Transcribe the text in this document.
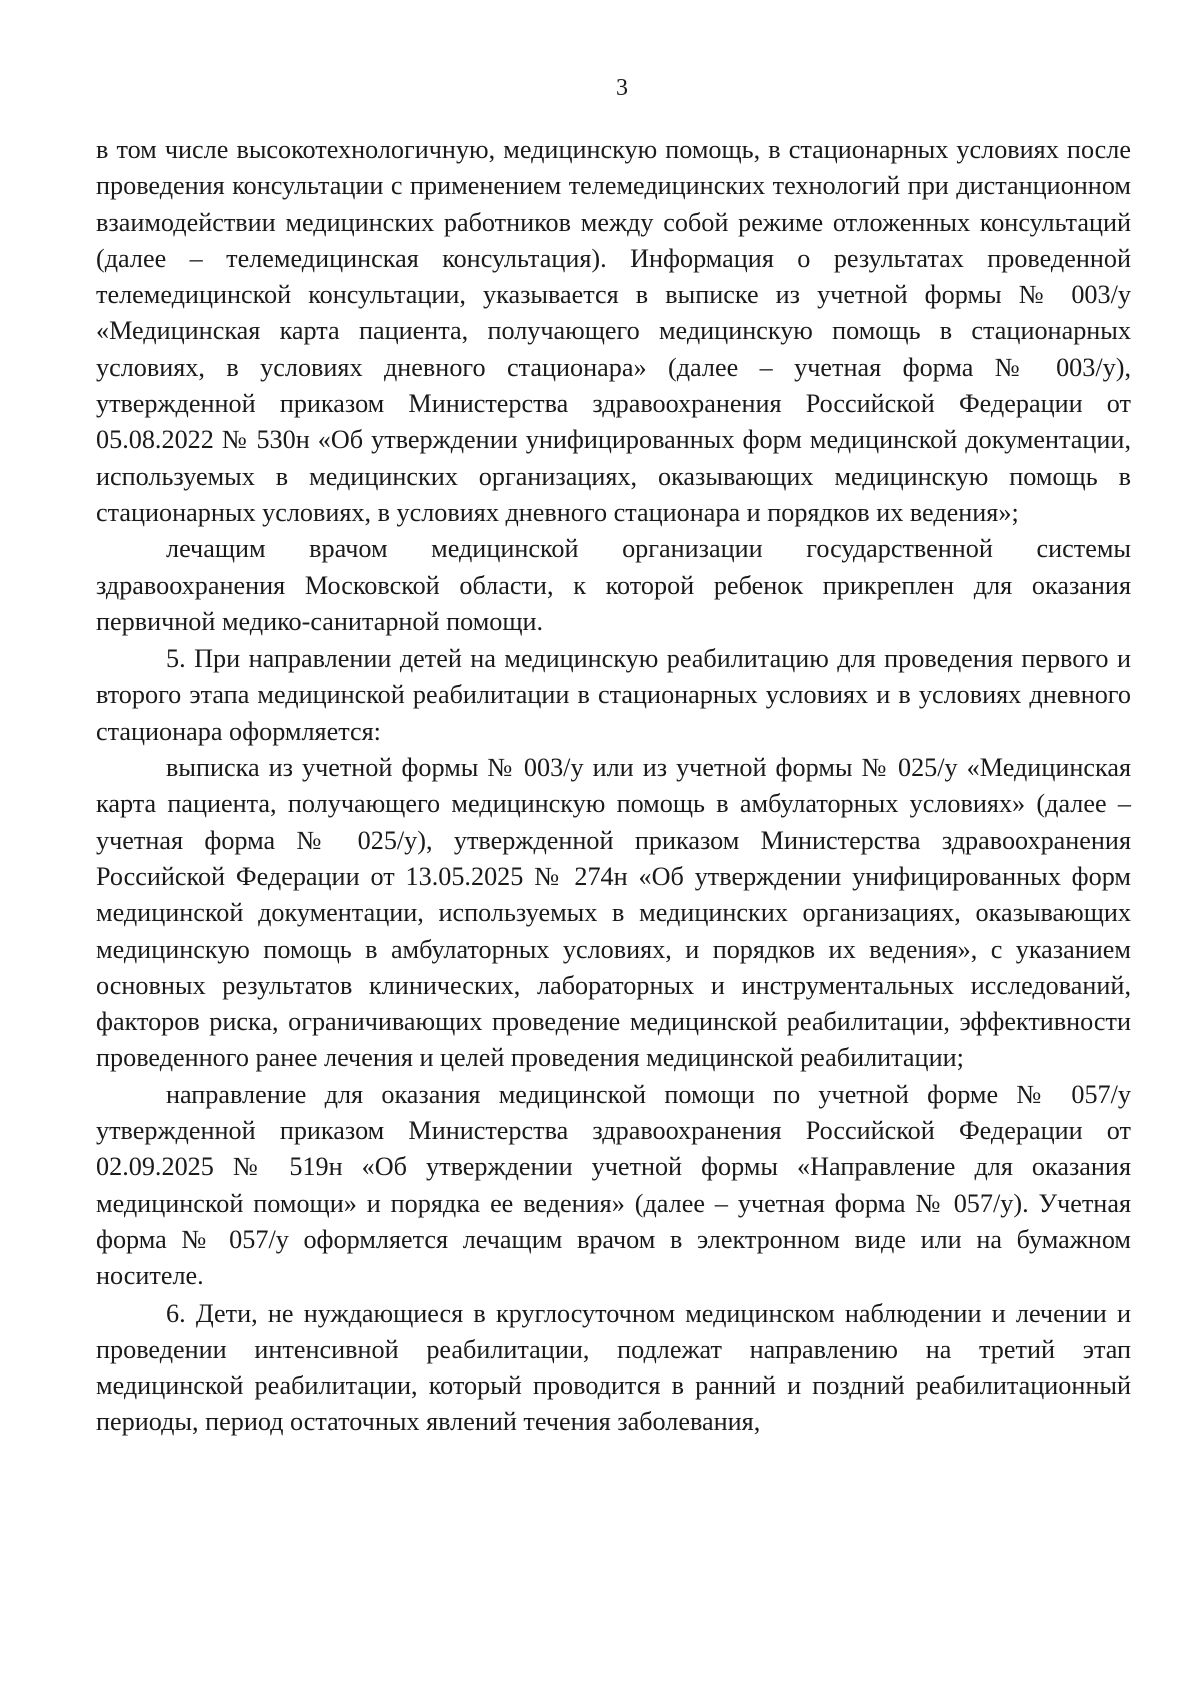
3

в том числе высокотехнологичную, медицинскую помощь, в стационарных условиях после проведения консультации с применением телемедицинских технологий при дистанционном взаимодействии медицинских работников между собой режиме отложенных консультаций (далее – телемедицинская консультация). Информация о результатах проведенной телемедицинской консультации, указывается в выписке из учетной формы № 003/у «Медицинская карта пациента, получающего медицинскую помощь в стационарных условиях, в условиях дневного стационара» (далее – учетная форма № 003/у), утвержденной приказом Министерства здравоохранения Российской Федерации от 05.08.2022 № 530н «Об утверждении унифицированных форм медицинской документации, используемых в медицинских организациях, оказывающих медицинскую помощь в стационарных условиях, в условиях дневного стационара и порядков их ведения»;

лечащим врачом медицинской организации государственной системы здравоохранения Московской области, к которой ребенок прикреплен для оказания первичной медико-санитарной помощи.

5. При направлении детей на медицинскую реабилитацию для проведения первого и второго этапа медицинской реабилитации в стационарных условиях и в условиях дневного стационара оформляется:

выписка из учетной формы № 003/у или из учетной формы № 025/у «Медицинская карта пациента, получающего медицинскую помощь в амбулаторных условиях» (далее – учетная форма № 025/у), утвержденной приказом Министерства здравоохранения Российской Федерации от 13.05.2025 № 274н «Об утверждении унифицированных форм медицинской документации, используемых в медицинских организациях, оказывающих медицинскую помощь в амбулаторных условиях, и порядков их ведения», с указанием основных результатов клинических, лабораторных и инструментальных исследований, факторов риска, ограничивающих проведение медицинской реабилитации, эффективности проведенного ранее лечения и целей проведения медицинской реабилитации;

направление для оказания медицинской помощи по учетной форме № 057/у утвержденной приказом Министерства здравоохранения Российской Федерации от 02.09.2025 № 519н «Об утверждении учетной формы «Направление для оказания медицинской помощи» и порядка ее ведения» (далее – учетная форма № 057/у). Учетная форма № 057/у оформляется лечащим врачом в электронном виде или на бумажном носителе.

6. Дети, не нуждающиеся в круглосуточном медицинском наблюдении и лечении и проведении интенсивной реабилитации, подлежат направлению на третий этап медицинской реабилитации, который проводится в ранний и поздний реабилитационный периоды, период остаточных явлений течения заболевания,
